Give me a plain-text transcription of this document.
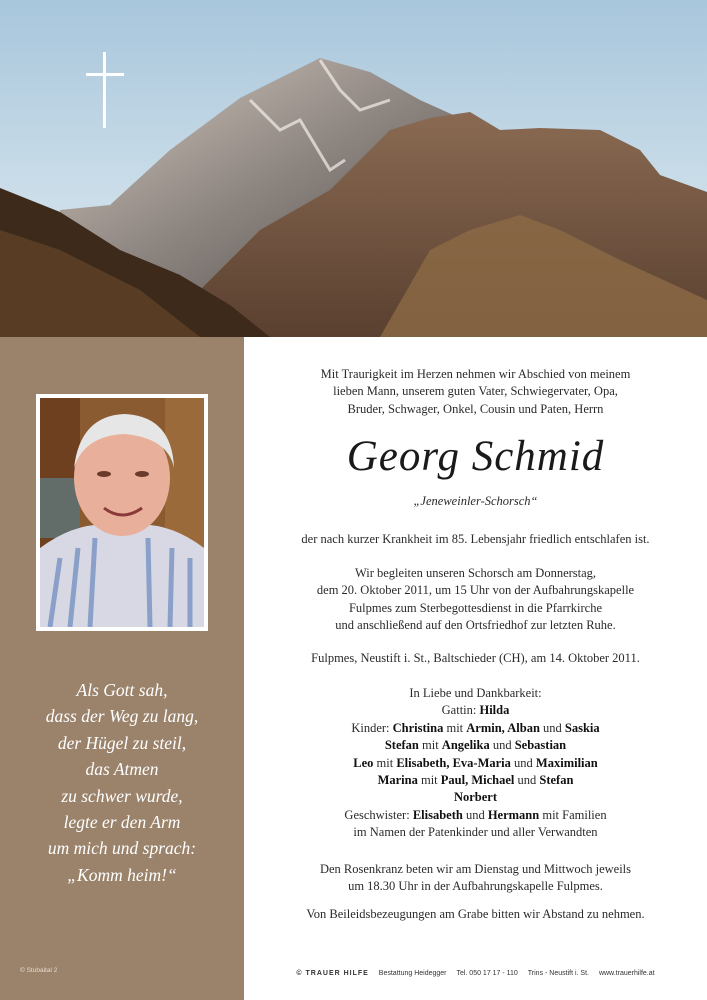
Als Gott sah,
dass der Weg zu lang,
der Hügel zu steil,
das Atmen
zu schwer wurde,
legte er den Arm
um mich und sprach:
„Komm heim!“
© Stubaital 2
Mit Traurigkeit im Herzen nehmen wir Abschied von meinem
lieben Mann, unserem guten Vater, Schwiegervater, Opa,
Bruder, Schwager, Onkel, Cousin und Paten, Herrn
Georg Schmid
„Jeneweinler-Schorsch“
der nach kurzer Krankheit im 85. Lebensjahr friedlich entschlafen ist.
Wir begleiten unseren Schorsch am Donnerstag,
dem 20. Oktober 2011, um 15 Uhr von der Aufbahrungskapelle
Fulpmes zum Sterbegottesdienst in die Pfarrkirche
und anschließend auf den Ortsfriedhof zur letzten Ruhe.
Fulpmes, Neustift i. St., Baltschieder (CH), am 14. Oktober 2011.
In Liebe und Dankbarkeit:
Gattin: Hilda
Kinder: Christina mit Armin, Alban und Saskia
Stefan mit Angelika und Sebastian
Leo mit Elisabeth, Eva-Maria und Maximilian
Marina mit Paul, Michael und Stefan
Norbert
Geschwister: Elisabeth und Hermann mit Familien
im Namen der Patenkinder und aller Verwandten
Den Rosenkranz beten wir am Dienstag und Mittwoch jeweils
um 18.30 Uhr in der Aufbahrungskapelle Fulpmes.
Von Beileidsbezeugungen am Grabe bitten wir Abstand zu nehmen.
© TRAUER HILFE Bestattung Heidegger Tel. 050 17 17 - 110 Trins - Neustift i. St. www.trauerhilfe.at
